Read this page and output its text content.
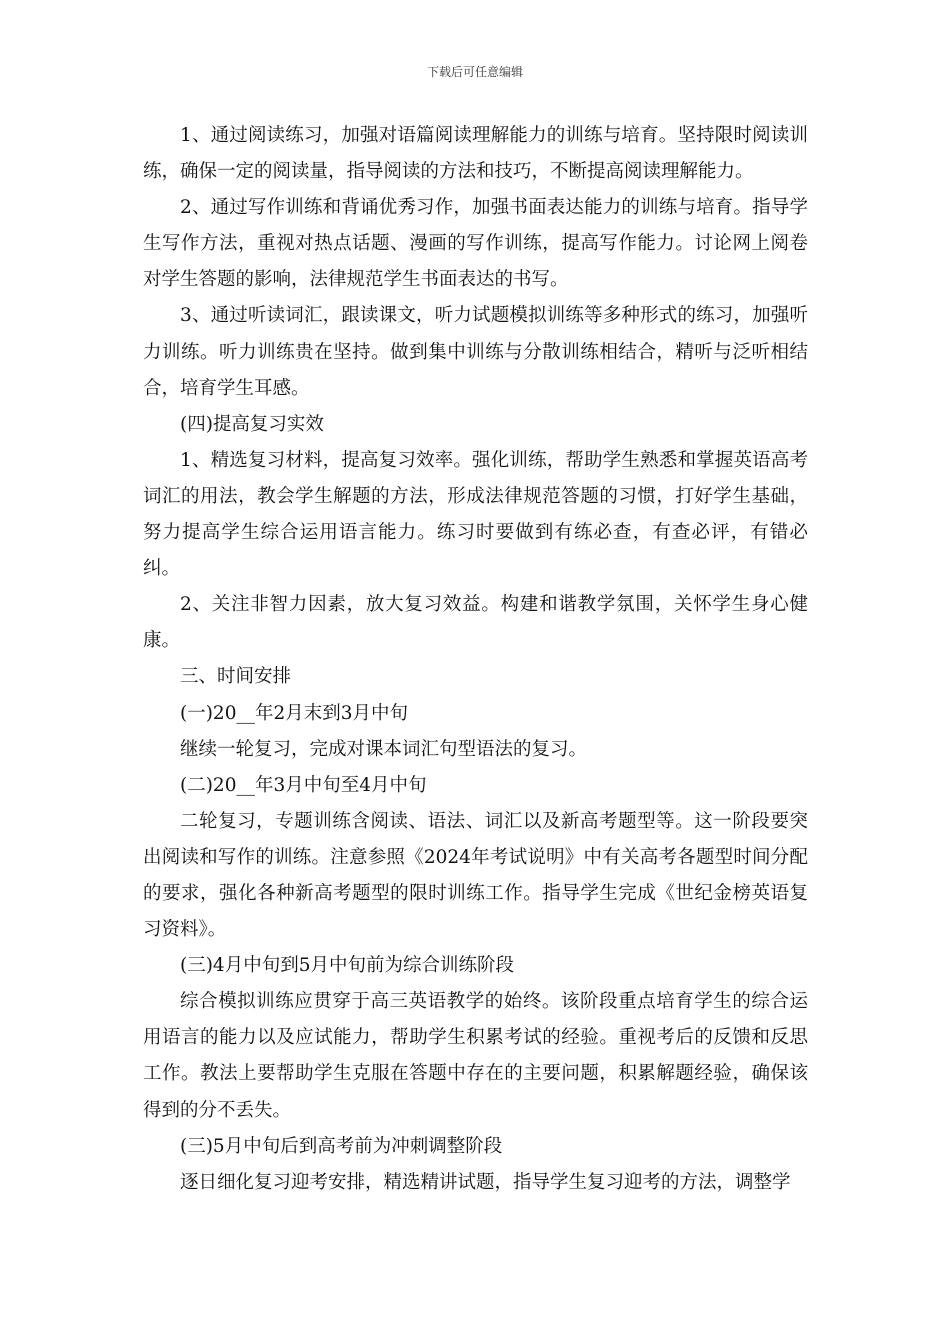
下载后可任意编辑

1、通过阅读练习，加强对语篇阅读理解能力的训练与培育。坚持限时阅读训练，确保一定的阅读量，指导阅读的方法和技巧，不断提高阅读理解能力。

2、通过写作训练和背诵优秀习作，加强书面表达能力的训练与培育。指导学生写作方法，重视对热点话题、漫画的写作训练，提高写作能力。讨论网上阅卷对学生答题的影响，法律规范学生书面表达的书写。

3、通过听读词汇，跟读课文，听力试题模拟训练等多种形式的练习，加强听力训练。听力训练贵在坚持。做到集中训练与分散训练相结合，精听与泛听相结合，培育学生耳感。

(四)提高复习实效

1、精选复习材料，提高复习效率。强化训练，帮助学生熟悉和掌握英语高考词汇的用法，教会学生解题的方法，形成法律规范答题的习惯，打好学生基础，努力提高学生综合运用语言能力。练习时要做到有练必查，有查必评，有错必纠。

2、关注非智力因素，放大复习效益。构建和谐教学氛围，关怀学生身心健康。

三、时间安排

(一)20__年2月末到3月中旬

继续一轮复习，完成对课本词汇句型语法的复习。

(二)20__年3月中旬至4月中旬

二轮复习，专题训练含阅读、语法、词汇以及新高考题型等。这一阶段要突出阅读和写作的训练。注意参照《2024年考试说明》中有关高考各题型时间分配的要求，强化各种新高考题型的限时训练工作。指导学生完成《世纪金榜英语复习资料》。

(三)4月中旬到5月中旬前为综合训练阶段

综合模拟训练应贯穿于高三英语教学的始终。该阶段重点培育学生的综合运用语言的能力以及应试能力，帮助学生积累考试的经验。重视考后的反馈和反思工作。教法上要帮助学生克服在答题中存在的主要问题，积累解题经验，确保该得到的分不丢失。

(三)5月中旬后到高考前为冲刺调整阶段

逐日细化复习迎考安排，精选精讲试题，指导学生复习迎考的方法，调整学
